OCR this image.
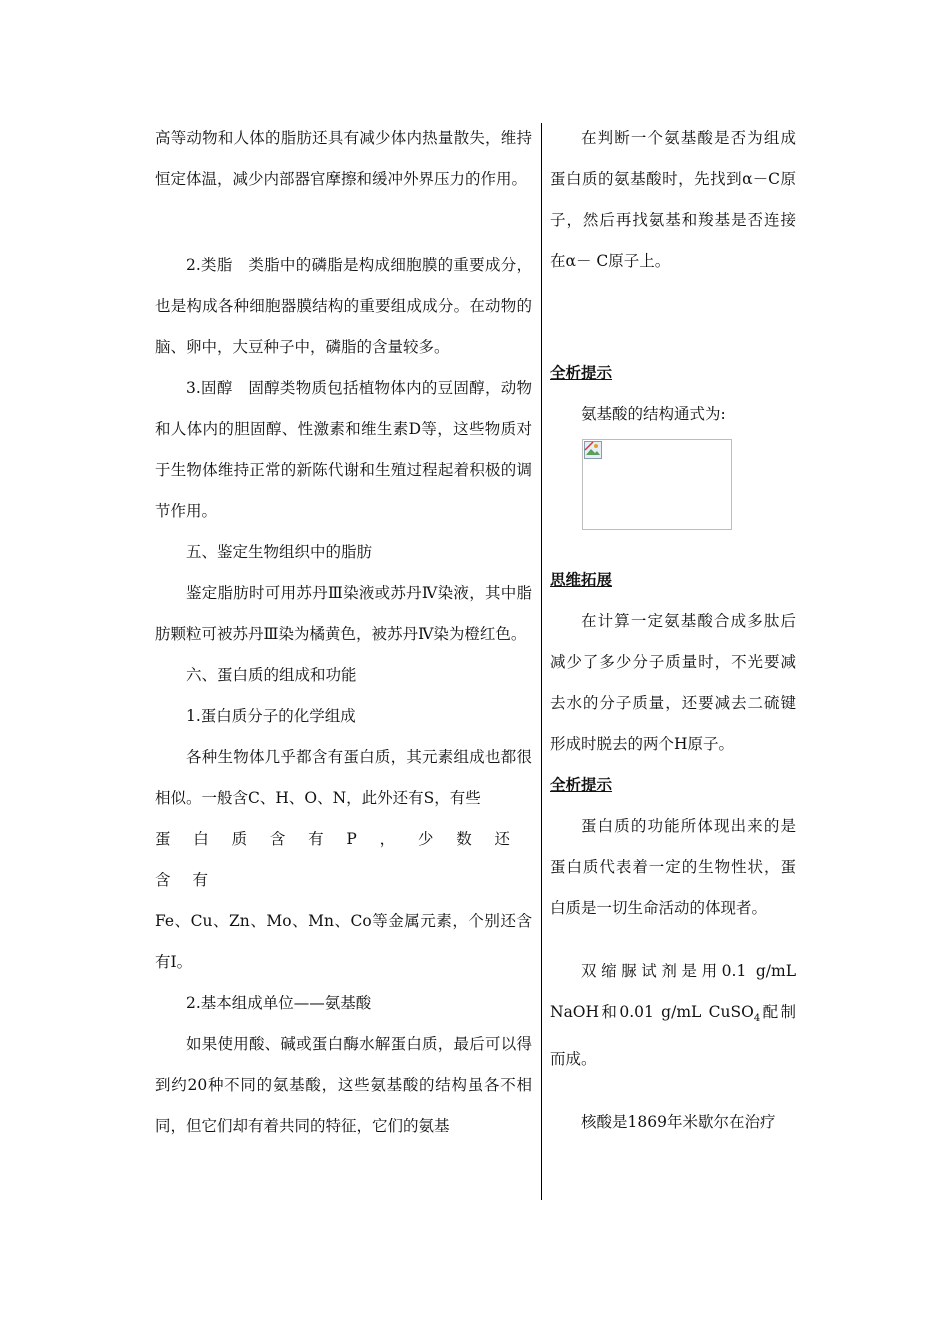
高等动物和人体的脂肪还具有减少体内热量散失，维持恒定体温，减少内部器官摩擦和缓冲外界压力的作用。

2.类脂　类脂中的磷脂是构成细胞膜的重要成分，也是构成各种细胞器膜结构的重要组成成分。在动物的脑、卵中，大豆种子中，磷脂的含量较多。

3.固醇　固醇类物质包括植物体内的豆固醇，动物和人体内的胆固醇、性激素和维生素D等，这些物质对于生物体维持正常的新陈代谢和生殖过程起着积极的调节作用。

五、鉴定生物组织中的脂肪

鉴定脂肪时可用苏丹Ⅲ染液或苏丹Ⅳ染液，其中脂肪颗粒可被苏丹Ⅲ染为橘黄色，被苏丹Ⅳ染为橙红色。

六、蛋白质的组成和功能

1.蛋白质分子的化学组成

各种生物体几乎都含有蛋白质，其元素组成也都很相似。一般含C、H、O、N，此外还有S，有些

蛋白质含有P，少数还含有

Fe、Cu、Zn、Mo、Mn、Co等金属元素，个别还含有I。

2.基本组成单位——氨基酸

如果使用酸、碱或蛋白酶水解蛋白质，最后可以得到约20种不同的氨基酸，这些氨基酸的结构虽各不相同，但它们却有着共同的特征，它们的氨基

在判断一个氨基酸是否为组成蛋白质的氨基酸时，先找到α－C原子，然后再找氨基和羧基是否连接在α－ C原子上。

全析提示

氨基酸的结构通式为:

思维拓展

在计算一定氨基酸合成多肽后减少了多少分子质量时，不光要减去水的分子质量，还要减去二硫键形成时脱去的两个H原子。

全析提示

蛋白质的功能所体现出来的是蛋白质代表着一定的生物性状，蛋白质是一切生命活动的体现者。

双缩脲试剂是用0.1 g/mL NaOH和0.01 g/mL CuSO$_4$配制而成。

核酸是1869年米歇尔在治疗
